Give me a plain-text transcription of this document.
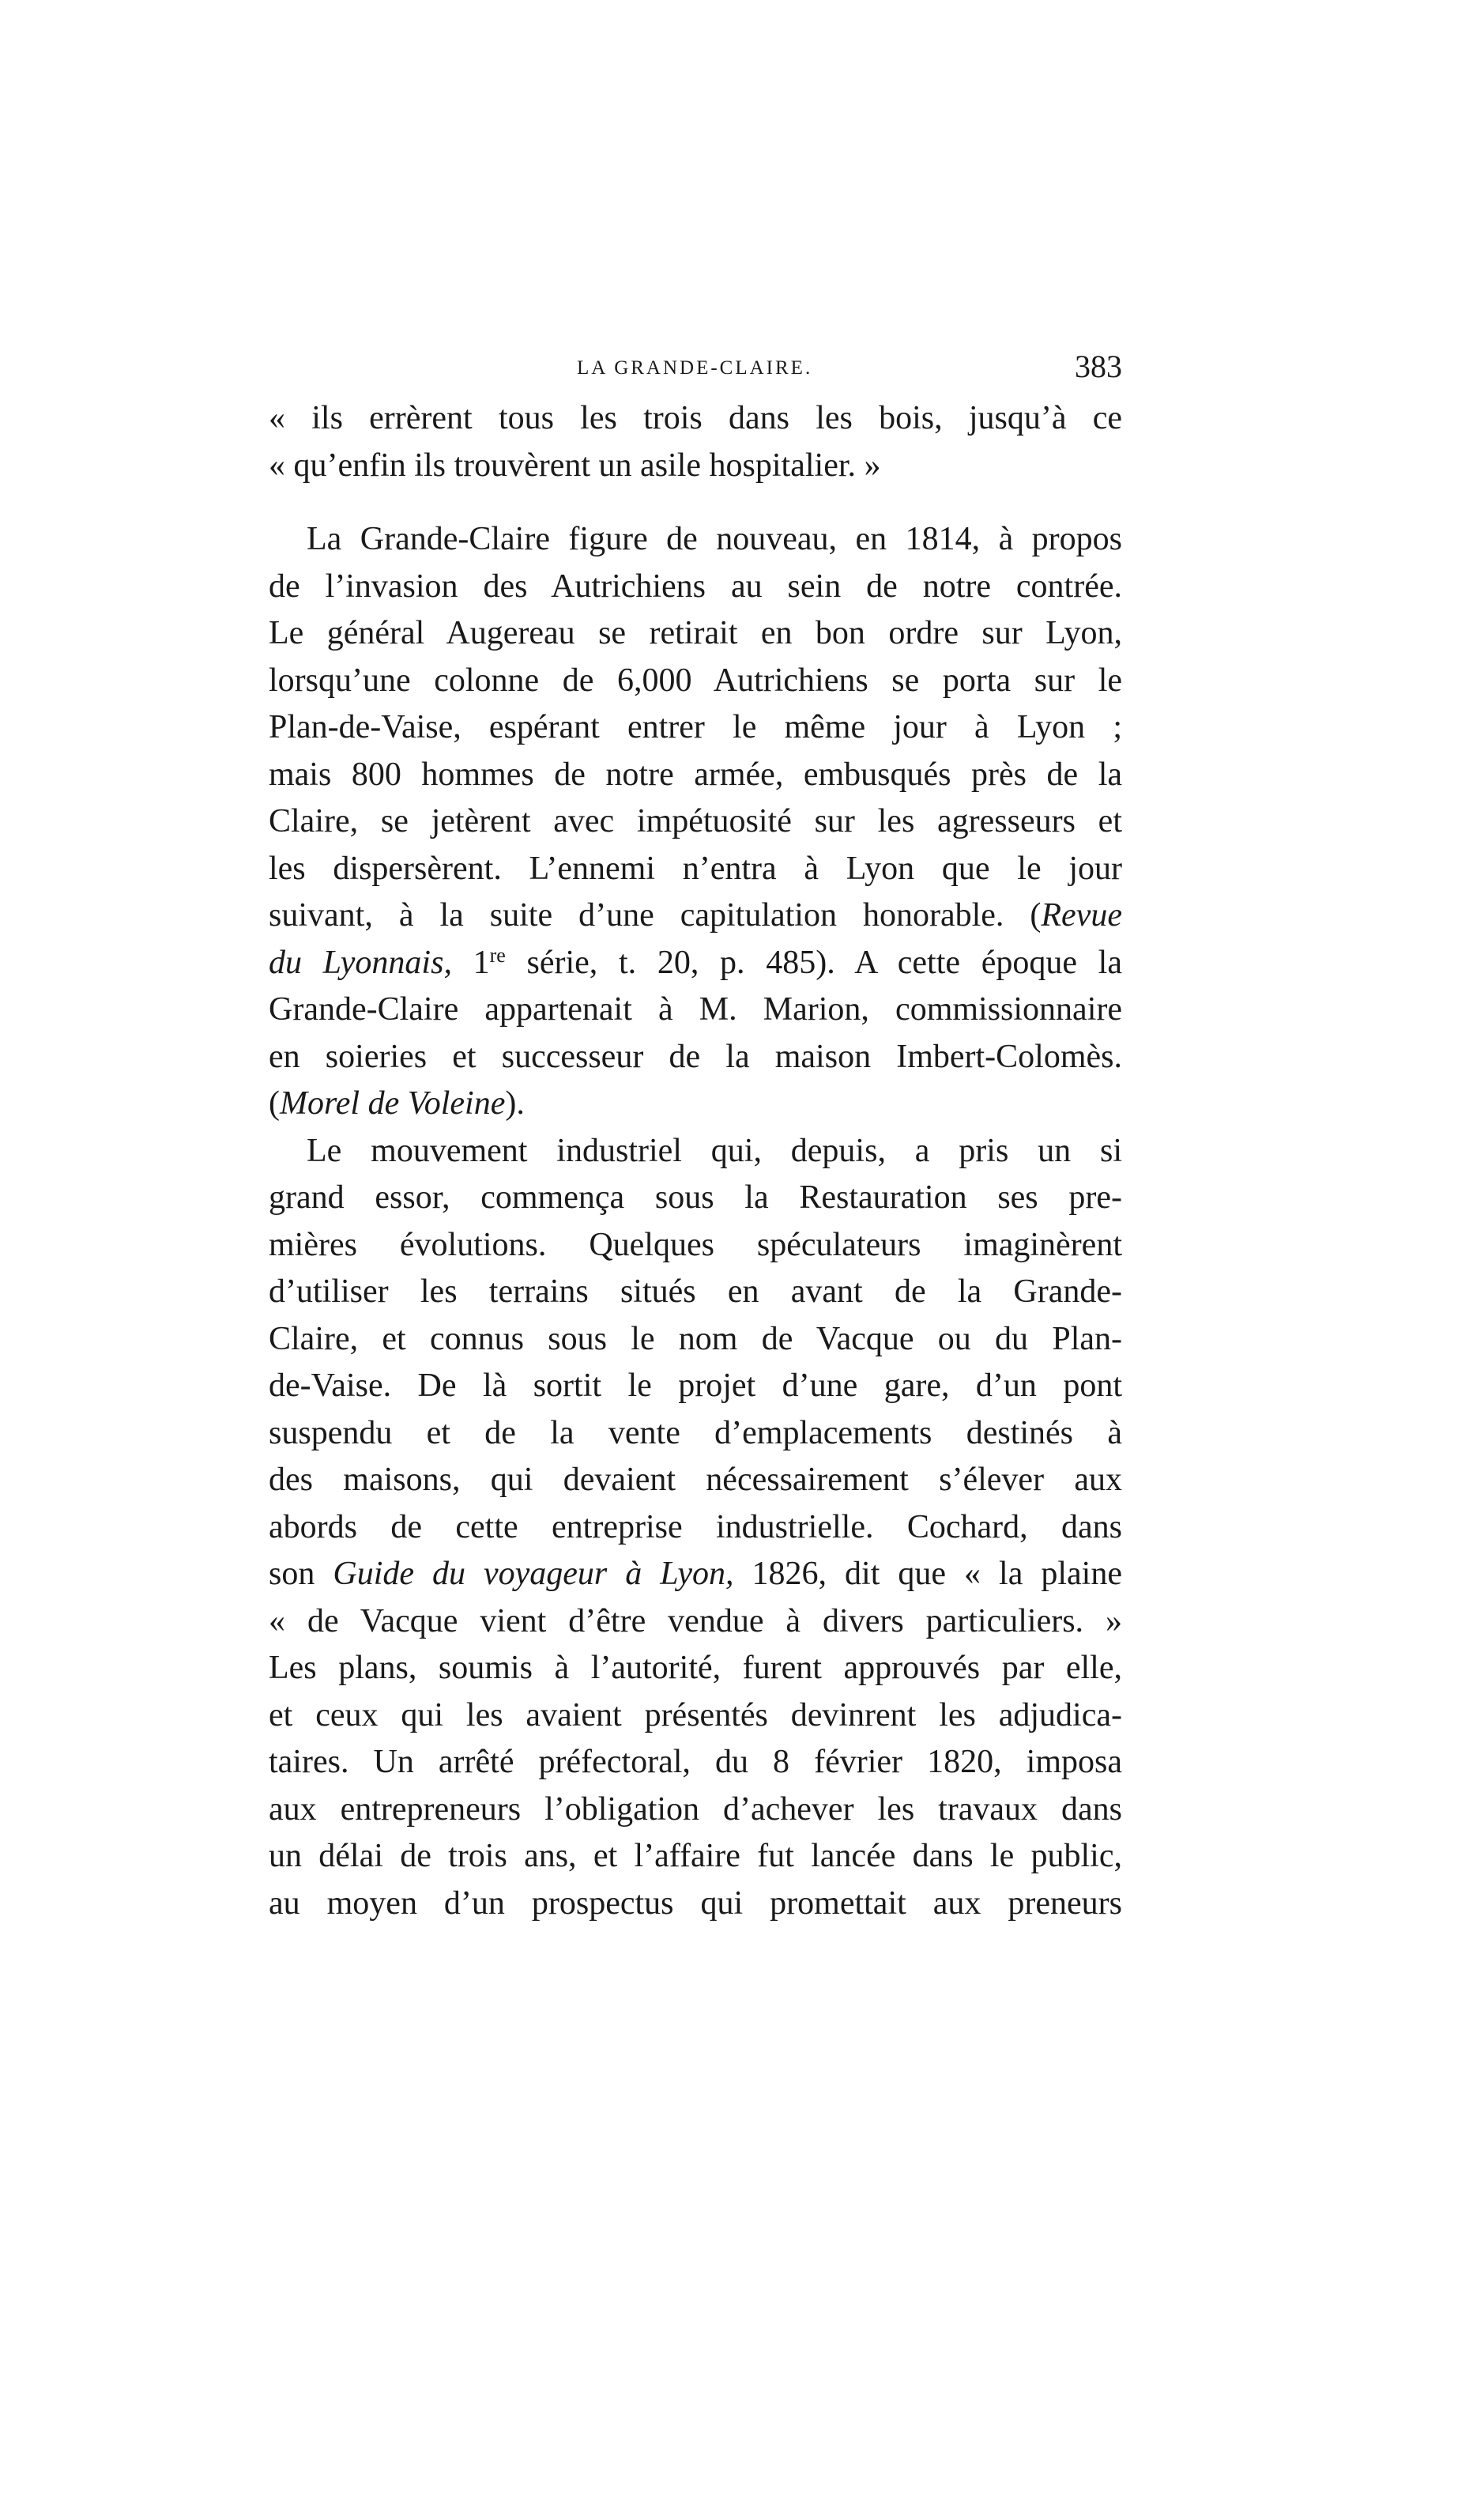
LA GRANDE-CLAIRE.	383
« ils errèrent tous les trois dans les bois, jusqu’à ce
« qu’enfin ils trouvèrent un asile hospitalier. »
La Grande-Claire figure de nouveau, en 1814, à propos
de l’invasion des Autrichiens au sein de notre contrée.
Le général Augereau se retirait en bon ordre sur Lyon,
lorsqu’une colonne de 6,000 Autrichiens se porta sur le
Plan-de-Vaise, espérant entrer le même jour à Lyon ;
mais 800 hommes de notre armée, embusqués près de la
Claire, se jetèrent avec impétuosité sur les agresseurs et
les dispersèrent. L’ennemi n’entra à Lyon que le jour
suivant, à la suite d’une capitulation honorable. (Revue
du Lyonnais, 1re série, t. 20, p. 485). A cette époque la
Grande-Claire appartenait à M. Marion, commissionnaire
en soieries et successeur de la maison Imbert-Colomès.
(Morel de Voleine).
Le mouvement industriel qui, depuis, a pris un si
grand essor, commença sous la Restauration ses pre-
mières évolutions. Quelques spéculateurs imaginèrent
d’utiliser les terrains situés en avant de la Grande-
Claire, et connus sous le nom de Vacque ou du Plan-
de-Vaise. De là sortit le projet d’une gare, d’un pont
suspendu et de la vente d’emplacements destinés à
des maisons, qui devaient nécessairement s’élever aux
abords de cette entreprise industrielle. Cochard, dans
son Guide du voyageur à Lyon, 1826, dit que « la plaine
« de Vacque vient d’être vendue à divers particuliers. »
Les plans, soumis à l’autorité, furent approuvés par elle,
et ceux qui les avaient présentés devinrent les adjudica-
taires. Un arrêté préfectoral, du 8 février 1820, imposa
aux entrepreneurs l’obligation d’achever les travaux dans
un délai de trois ans, et l’affaire fut lancée dans le public,
au moyen d’un prospectus qui promettait aux preneurs
